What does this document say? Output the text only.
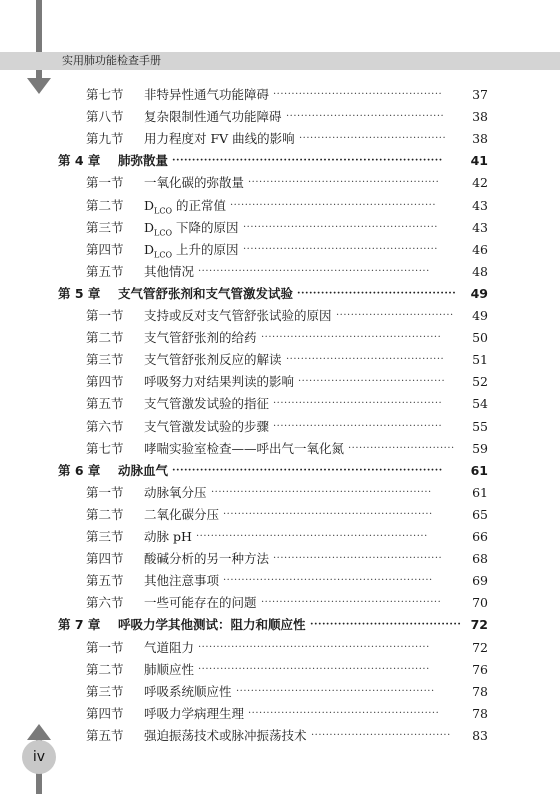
实用肺功能检查手册
第七节 非特异性通气功能障碍 ··············································	37
第八节 复杂限制性通气功能障碍 ···········································	38
第九节 用力程度对 FV 曲线的影响 ········································	38
第 4 章 肺弥散量 ····································································	41
第一节 一氧化碳的弥散量 ····················································	42
第二节 $D_{LCO}$ 的正常值 ························································	43
第三节 $D_{LCO}$ 下降的原因 ·····················································	43
第四节 $D_{LCO}$ 上升的原因 ·····················································	46
第五节 其他情况 ·······························································	48
第 5 章 支气管舒张剂和支气管激发试验 ········································	49
第一节 支持或反对支气管舒张试验的原因 ································	49
第二节 支气管舒张剂的给药 ·················································	50
第三节 支气管舒张剂反应的解读 ···········································	51
第四节 呼吸努力对结果判读的影响 ········································	52
第五节 支气管激发试验的指征 ··············································	54
第六节 支气管激发试验的步骤 ··············································	55
第七节 哮喘实验室检查——呼出气一氧化氮 ·····························	59
第 6 章 动脉血气 ····································································	61
第一节 动脉氧分压 ····························································	61
第二节 二氧化碳分压 ·························································	65
第三节 动脉 pH ·······························································	66
第四节 酸碱分析的另一种方法 ··············································	68
第五节 其他注意事项 ·························································	69
第六节 一些可能存在的问题 ·················································	70
第 7 章 呼吸力学其他测试：阻力和顺应性 ······································ 72
第一节 气道阻力 ·······························································	72
第二节 肺顺应性 ·······························································	76
第三节 呼吸系统顺应性 ······················································	78
第四节 呼吸力学病理生理 ····················································	78
第五节 强迫振荡技术或脉冲振荡技术 ······································	83
iv
